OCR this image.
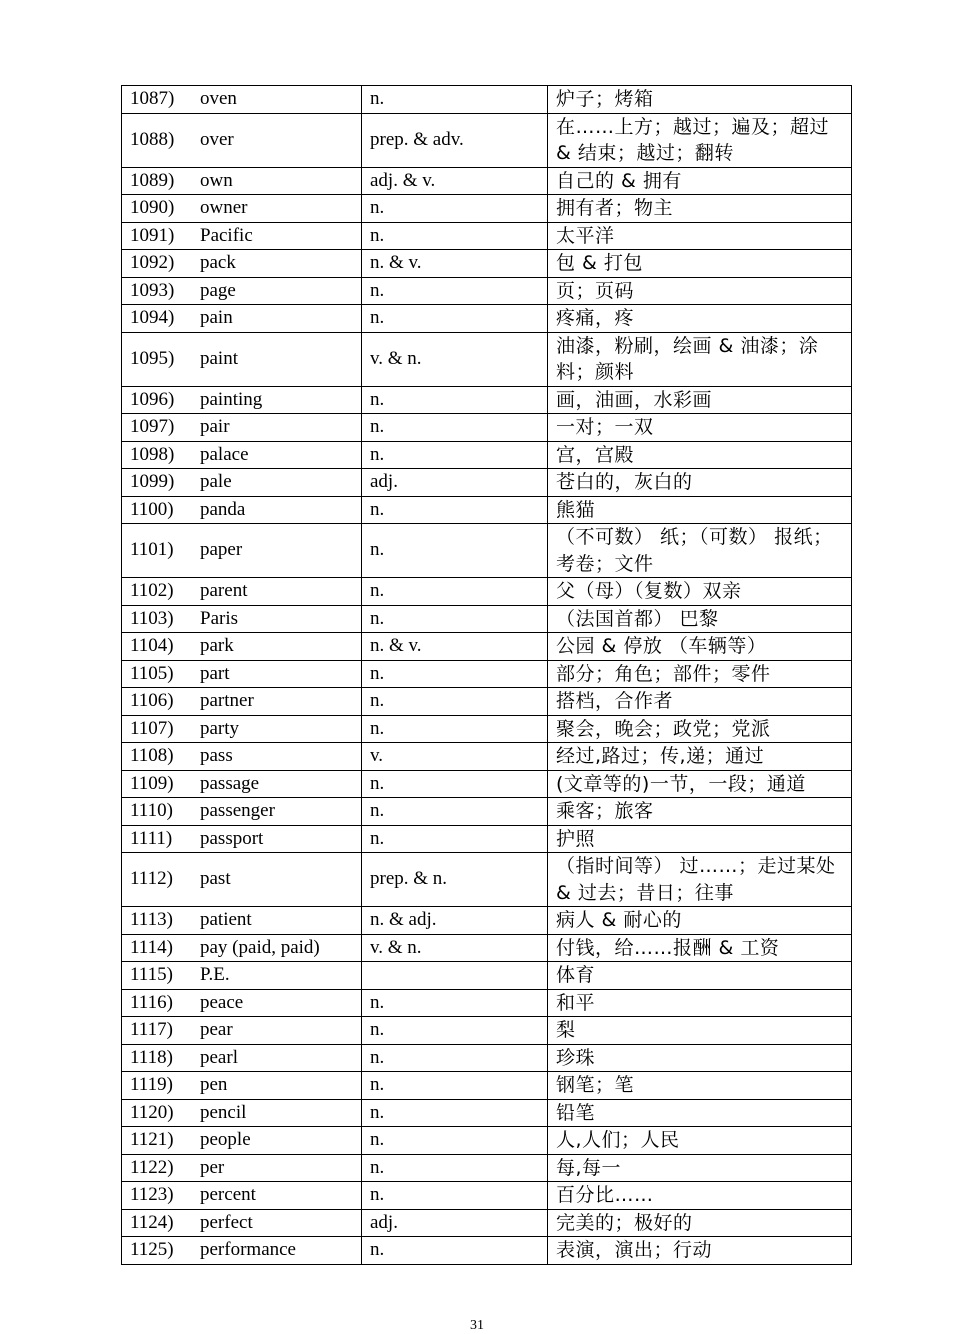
1087) oven	n.	炉子；烤箱
1088) over	prep. & adv.	在……上方；越过；遍及；超过 & 结束；越过；翻转
1089) own	adj. & v.	自己的 & 拥有
1090) owner	n.	拥有者；物主
1091) Pacific	n.	太平洋
1092) pack	n. & v.	包 & 打包
1093) page	n.	页；页码
1094) pain	n.	疼痛，疼
1095) paint	v. & n.	油漆，粉刷，绘画 & 油漆；涂料；颜料
1096) painting	n.	画，油画，水彩画
1097) pair	n.	一对；一双
1098) palace	n.	宫，宫殿
1099) pale	adj.	苍白的，灰白的
1100) panda	n.	熊猫
1101) paper	n.	（不可数） 纸；（可数） 报纸；考卷；文件
1102) parent	n.	父（母）（复数）双亲
1103) Paris	n.	（法国首都） 巴黎
1104) park	n. & v.	公园 & 停放 （车辆等）
1105) part	n.	部分；角色；部件；零件
1106) partner	n.	搭档，合作者
1107) party	n.	聚会，晚会；政党；党派
1108) pass	v.	经过,路过；传,递；通过
1109) passage	n.	(文章等的)一节，一段；通道
1110) passenger	n.	乘客；旅客
1111) passport	n.	护照
1112) past	prep. & n.	（指时间等） 过……；走过某处 & 过去；昔日；往事
1113) patient	n. & adj.	病人 & 耐心的
1114) pay (paid, paid)	v. & n.	付钱，给……报酬 & 工资
1115) P.E.		体育
1116) peace	n.	和平
1117) pear	n.	梨
1118) pearl	n.	珍珠
1119) pen	n.	钢笔；笔
1120) pencil	n.	铅笔
1121) people	n.	人,人们；人民
1122) per	n.	每,每一
1123) percent	n.	百分比……
1124) perfect	adj.	完美的；极好的
1125) performance	n.	表演，演出；行动
31
